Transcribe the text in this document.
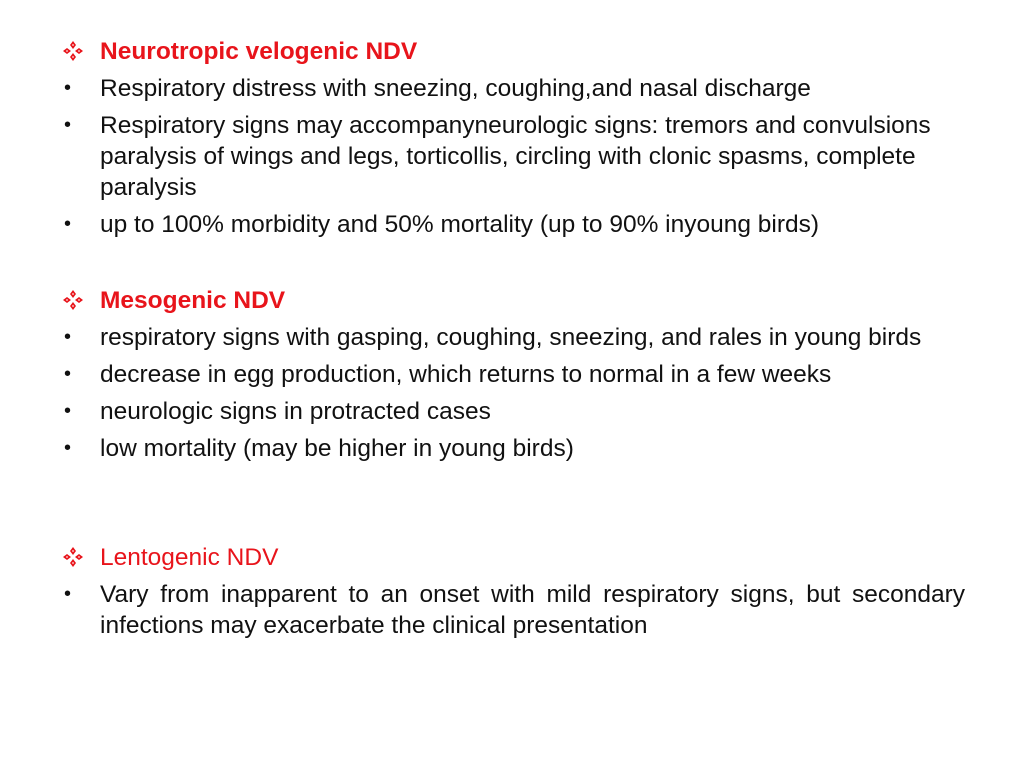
Neurotropic velogenic NDV

• Respiratory distress with sneezing, coughing,and nasal discharge

• Respiratory signs may accompanyneurologic signs: tremors and convulsions paralysis of wings and legs, torticollis, circling with clonic spasms, complete paralysis

• up to 100% morbidity and 50% mortality (up to 90% inyoung birds)

Mesogenic NDV

• respiratory signs with gasping, coughing, sneezing, and rales in young birds

• decrease in egg production, which returns to normal in a few weeks

• neurologic signs in protracted cases

• low mortality (may be higher in young birds)

Lentogenic NDV

• Vary from inapparent to an onset with mild respiratory signs, but secondary infections may exacerbate the clinical presentation
